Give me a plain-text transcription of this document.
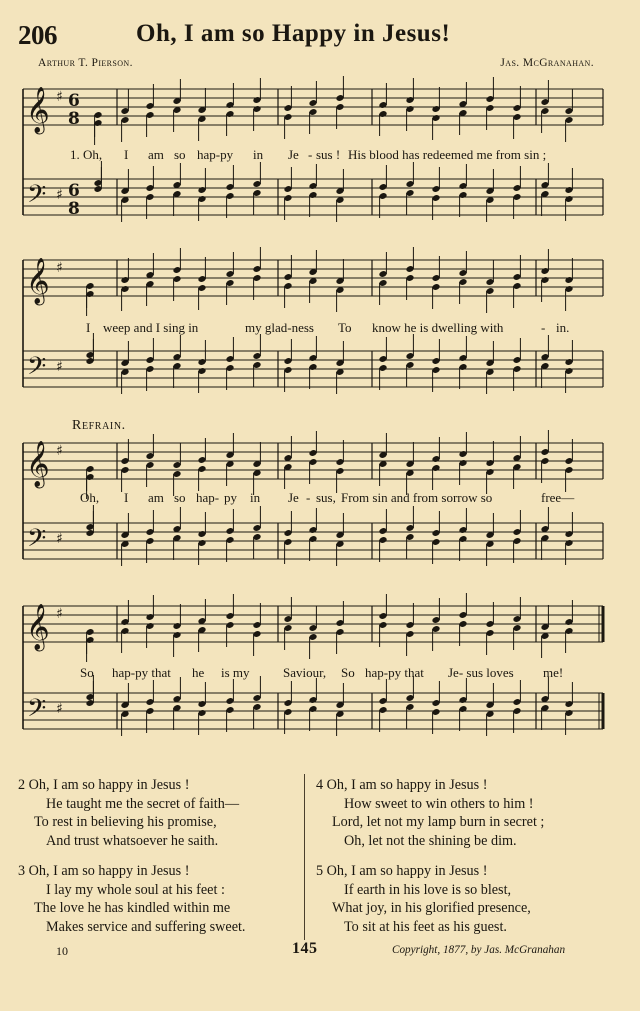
206	Oh, I am so Happy in Jesus!
Arthur T. Pierson.	Jas. McGranahan.
𝄞
𝄢
♯
♯
6
8
6
8
𝄞
𝄢
♯
♯
𝄞
𝄢
♯
♯
𝄞
𝄢
♯
♯
Refrain.
1. Oh, I am so hap-py in Je - sus ! His blood has redeemed me from sin ;
I weep and I sing in	my glad-ness To know he is dwelling with	- in.
Oh, I am so hap- py in Je - sus, From sin and from sorrow so	free—
So hap-py that he is my	Saviour, So hap-py that Je- sus loves me!
2 Oh, I am so happy in Jesus !
He taught me the secret of faith—
To rest in believing his promise,
And trust whatsoever he saith.
3 Oh, I am so happy in Jesus !
I lay my whole soul at his feet :
The love he has kindled within me
Makes service and suffering sweet.
4 Oh, I am so happy in Jesus !
How sweet to win others to him !
Lord, let not my lamp burn in secret ;
Oh, let not the shining be dim.
5 Oh, I am so happy in Jesus !
If earth in his love is so blest,
What joy, in his glorified presence,
To sit at his feet as his guest.
10	145	Copyright, 1877, by Jas. McGranahan
